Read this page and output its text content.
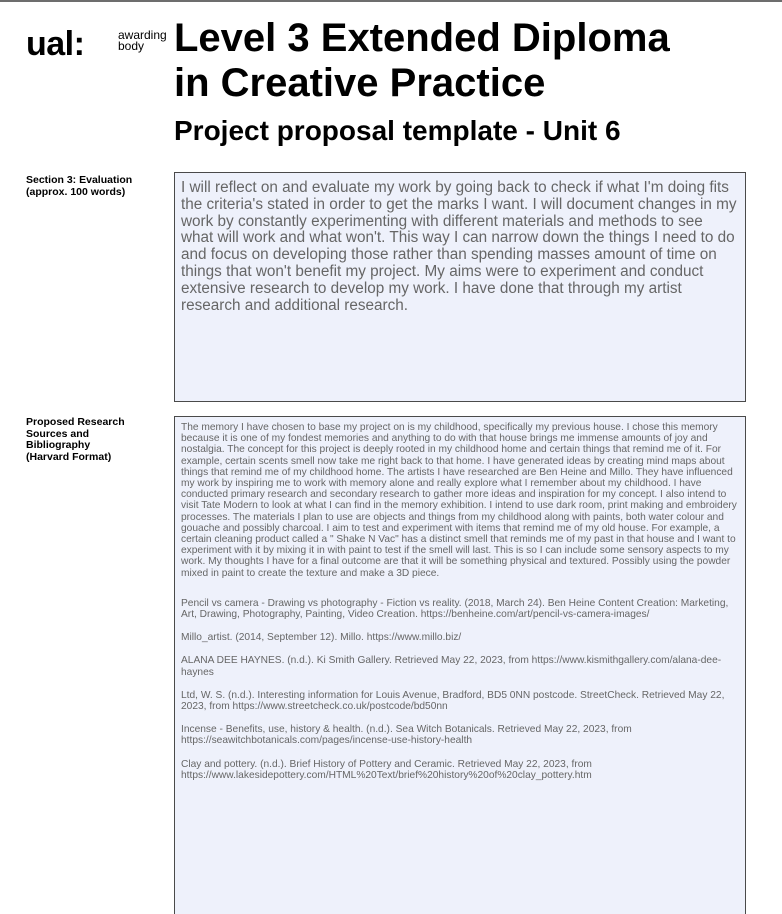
ual:	awarding
body Level 3 Extended Diploma
in Creative Practice
Project proposal template - Unit 6
Section 3: Evaluation
(approx. 100 words)	I will reflect on and evaluate my work by going back to check if what I'm doing fits the criteria's stated in order to get the marks I want. I will document changes in my work by constantly experimenting with different materials and methods to see what will work and what won't. This way I can narrow down the things I need to do and focus on developing those rather than spending masses amount of time on things that won't benefit my project. My aims were to experiment and conduct extensive research to develop my work. I have done that through my artist research and additional research.
Proposed Research
Sources and
Bibliography
(Harvard Format)

The memory I have chosen to base my project on is my childhood, specifically my previous house. I chose this memory because it is one of my fondest memories and anything to do with that house brings me immense amounts of joy and nostalgia. The concept for this project is deeply rooted in my childhood home and certain things that remind me of it. For example, certain scents smell now take me right back to that home. I have generated ideas by creating mind maps about things that remind me of my childhood home. The artists I have researched are Ben Heine and Millo. They have influenced my work by inspiring me to work with memory alone and really explore what I remember about my childhood. I have conducted primary research and secondary research to gather more ideas and inspiration for my concept. I also intend to visit Tate Modern to look at what I can find in the memory exhibition. I intend to use dark room, print making and embroidery processes. The materials I plan to use are objects and things from my childhood along with paints, both water colour and gouache and possibly charcoal. I aim to test and experiment with items that remind me of my old house. For example, a certain cleaning product called a " Shake N Vac" has a distinct smell that reminds me of my past in that house and I want to experiment with it by mixing it in with paint to test if the smell will last. This is so I can include some sensory aspects to my work. My thoughts I have for a final outcome are that it will be something physical and textured. Possibly using the powder mixed in paint to create the texture and make a 3D piece.

Pencil vs camera - Drawing vs photography - Fiction vs reality. (2018, March 24). Ben Heine Content Creation: Marketing, Art, Drawing, Photography, Painting, Video Creation. https://benheine.com/art/pencil-vs-camera-images/

Millo_artist. (2014, September 12). Millo. https://www.millo.biz/

ALANA DEE HAYNES. (n.d.). Ki Smith Gallery. Retrieved May 22, 2023, from https://www.kismithgallery.com/alana-dee-haynes

Ltd, W. S. (n.d.). Interesting information for Louis Avenue, Bradford, BD5 0NN postcode. StreetCheck. Retrieved May 22, 2023, from https://www.streetcheck.co.uk/postcode/bd50nn

Incense - Benefits, use, history & health. (n.d.). Sea Witch Botanicals. Retrieved May 22, 2023, from https://seawitchbotanicals.com/pages/incense-use-history-health

Clay and pottery. (n.d.). Brief History of Pottery and Ceramic. Retrieved May 22, 2023, from https://www.lakesidepottery.com/HTML%20Text/brief%20history%20of%20clay_pottery.htm
